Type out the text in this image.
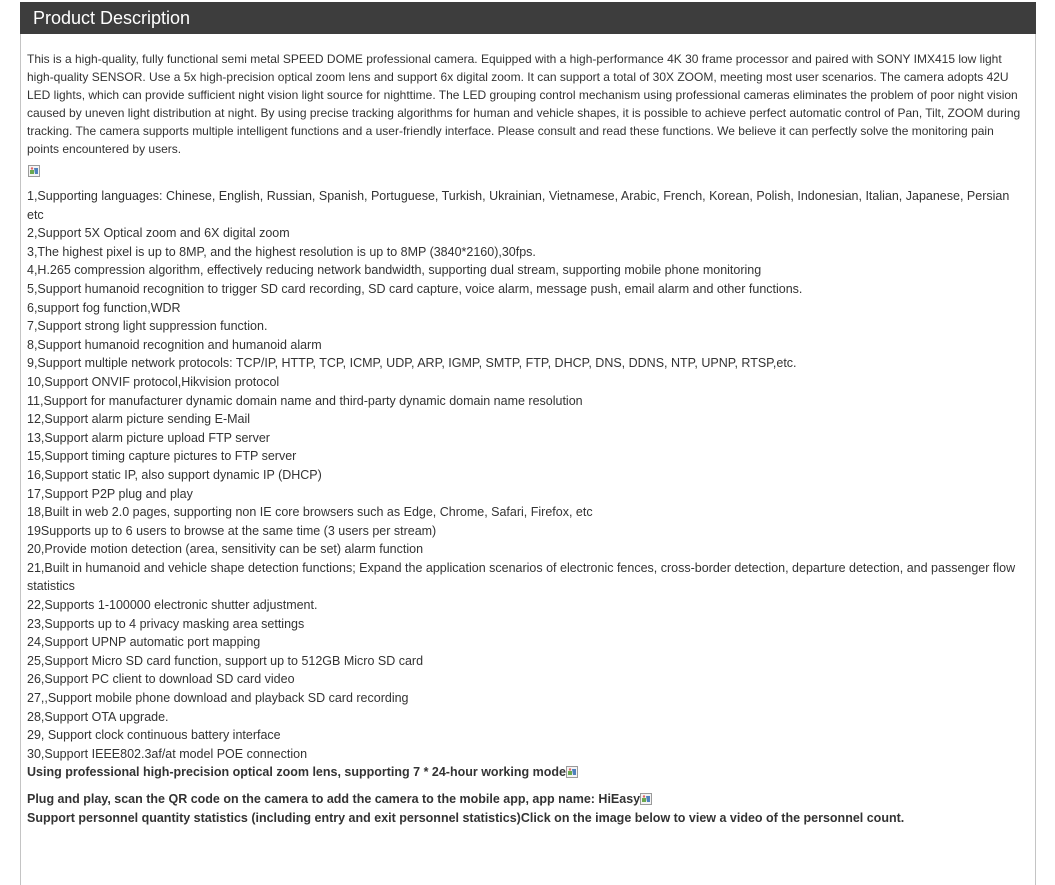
Product Description

This is a high-quality, fully functional semi metal SPEED DOME professional camera. Equipped with a high-performance 4K 30 frame processor and paired with SONY IMX415 low light high-quality SENSOR. Use a 5x high-precision optical zoom lens and support 6x digital zoom. It can support a total of 30X ZOOM, meeting most user scenarios. The camera adopts 42U LED lights, which can provide sufficient night vision light source for nighttime. The LED grouping control mechanism using professional cameras eliminates the problem of poor night vision caused by uneven light distribution at night. By using precise tracking algorithms for human and vehicle shapes, it is possible to achieve perfect automatic control of Pan, Tilt, ZOOM during tracking. The camera supports multiple intelligent functions and a user-friendly interface. Please consult and read these functions. We believe it can perfectly solve the monitoring pain points encountered by users.

1,Supporting languages: Chinese, English, Russian, Spanish, Portuguese, Turkish, Ukrainian, Vietnamese, Arabic, French, Korean, Polish, Indonesian, Italian, Japanese, Persian etc
2,Support 5X Optical zoom and 6X digital zoom
3,The highest pixel is up to 8MP, and the highest resolution is up to 8MP (3840*2160),30fps.
4,H.265 compression algorithm, effectively reducing network bandwidth, supporting dual stream, supporting mobile phone monitoring
5,Support humanoid recognition to trigger SD card recording, SD card capture, voice alarm, message push, email alarm and other functions.
6,support fog function,WDR
7,Support strong light suppression function.
8,Support humanoid recognition and humanoid alarm
9,Support multiple network protocols: TCP/IP, HTTP, TCP, ICMP, UDP, ARP, IGMP, SMTP, FTP, DHCP, DNS, DDNS, NTP, UPNP, RTSP,etc.
10,Support ONVIF protocol,Hikvision protocol
11,Support for manufacturer dynamic domain name and third-party dynamic domain name resolution
12,Support alarm picture sending E-Mail
13,Support alarm picture upload FTP server
15,Support timing capture pictures to FTP server
16,Support static IP, also support dynamic IP (DHCP)
17,Support P2P plug and play
18,Built in web 2.0 pages, supporting non IE core browsers such as Edge, Chrome, Safari, Firefox, etc
19Supports up to 6 users to browse at the same time (3 users per stream)
20,Provide motion detection (area, sensitivity can be set) alarm function
21,Built in humanoid and vehicle shape detection functions; Expand the application scenarios of electronic fences, cross-border detection, departure detection, and passenger flow statistics
22,Supports 1-100000 electronic shutter adjustment.
23,Supports up to 4 privacy masking area settings
24,Support UPNP automatic port mapping
25,Support Micro SD card function, support up to 512GB Micro SD card
26,Support PC client to download SD card video
27,,Support mobile phone download and playback SD card recording
28,Support OTA upgrade.
29, Support clock continuous battery interface
30,Support IEEE802.3af/at model POE connection

Using professional high-precision optical zoom lens, supporting 7 * 24-hour working mode

Plug and play, scan the QR code on the camera to add the camera to the mobile app, app name: HiEasy

Support personnel quantity statistics (including entry and exit personnel statistics)Click on the image below to view a video of the personnel count.
